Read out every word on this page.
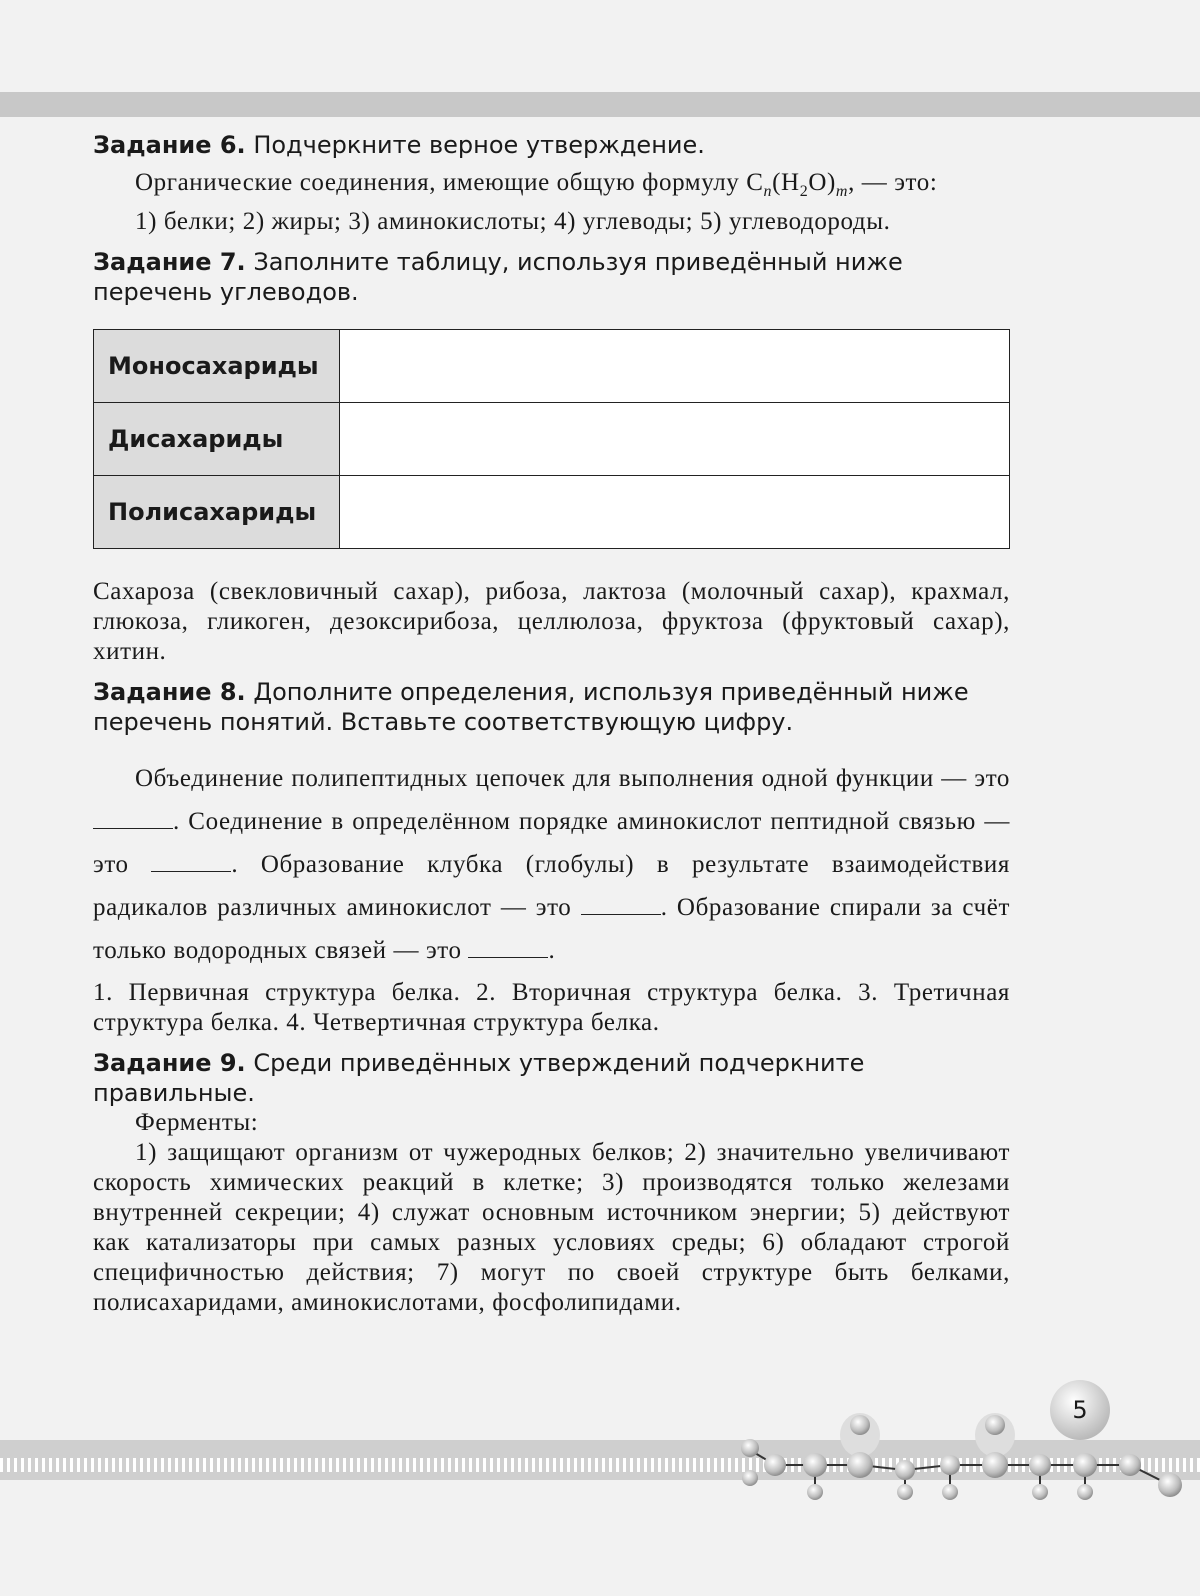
Задание 6. Подчеркните верное утверждение.

Органические соединения, имеющие общую формулу $C_n(H_2O)_m$, — это:

1) белки; 2) жиры; 3) аминокислоты; 4) углеводы; 5) углеводороды.

Задание 7. Заполните таблицу, используя приведённый ниже перечень углеводов.

Моносахариды	
Дисахариды	
Полисахариды	

Сахароза (свекловичный сахар), рибоза, лактоза (молочный сахар), крахмал, глюкоза, гликоген, дезоксирибоза, целлюлоза, фруктоза (фруктовый сахар), хитин.

Задание 8. Дополните определения, используя приведённый ниже перечень понятий. Вставьте соответствующую цифру.

Объединение полипептидных цепочек для выполнения одной функции — это . Соединение в определённом порядке аминокислот пептидной связью — это	. Образование клубка (глобулы) в результате взаимодействия радикалов различных аминокислот — это	. Образование спирали за счёт только водородных связей — это	.

1. Первичная структура белка. 2. Вторичная структура белка. 3. Третичная структура белка. 4. Четвертичная структура белка.

Задание 9. Среди приведённых утверждений подчеркните правильные.

Ферменты:

1) защищают организм от чужеродных белков; 2) значительно увеличивают скорость химических реакций в клетке; 3) производятся только железами внутренней секреции; 4) служат основным источником энергии; 5) действуют как катализаторы при самых разных условиях среды; 6) обладают строгой специфичностью действия; 7) могут по своей структуре быть белками, полисахаридами, аминокислотами, фосфолипидами.

5
